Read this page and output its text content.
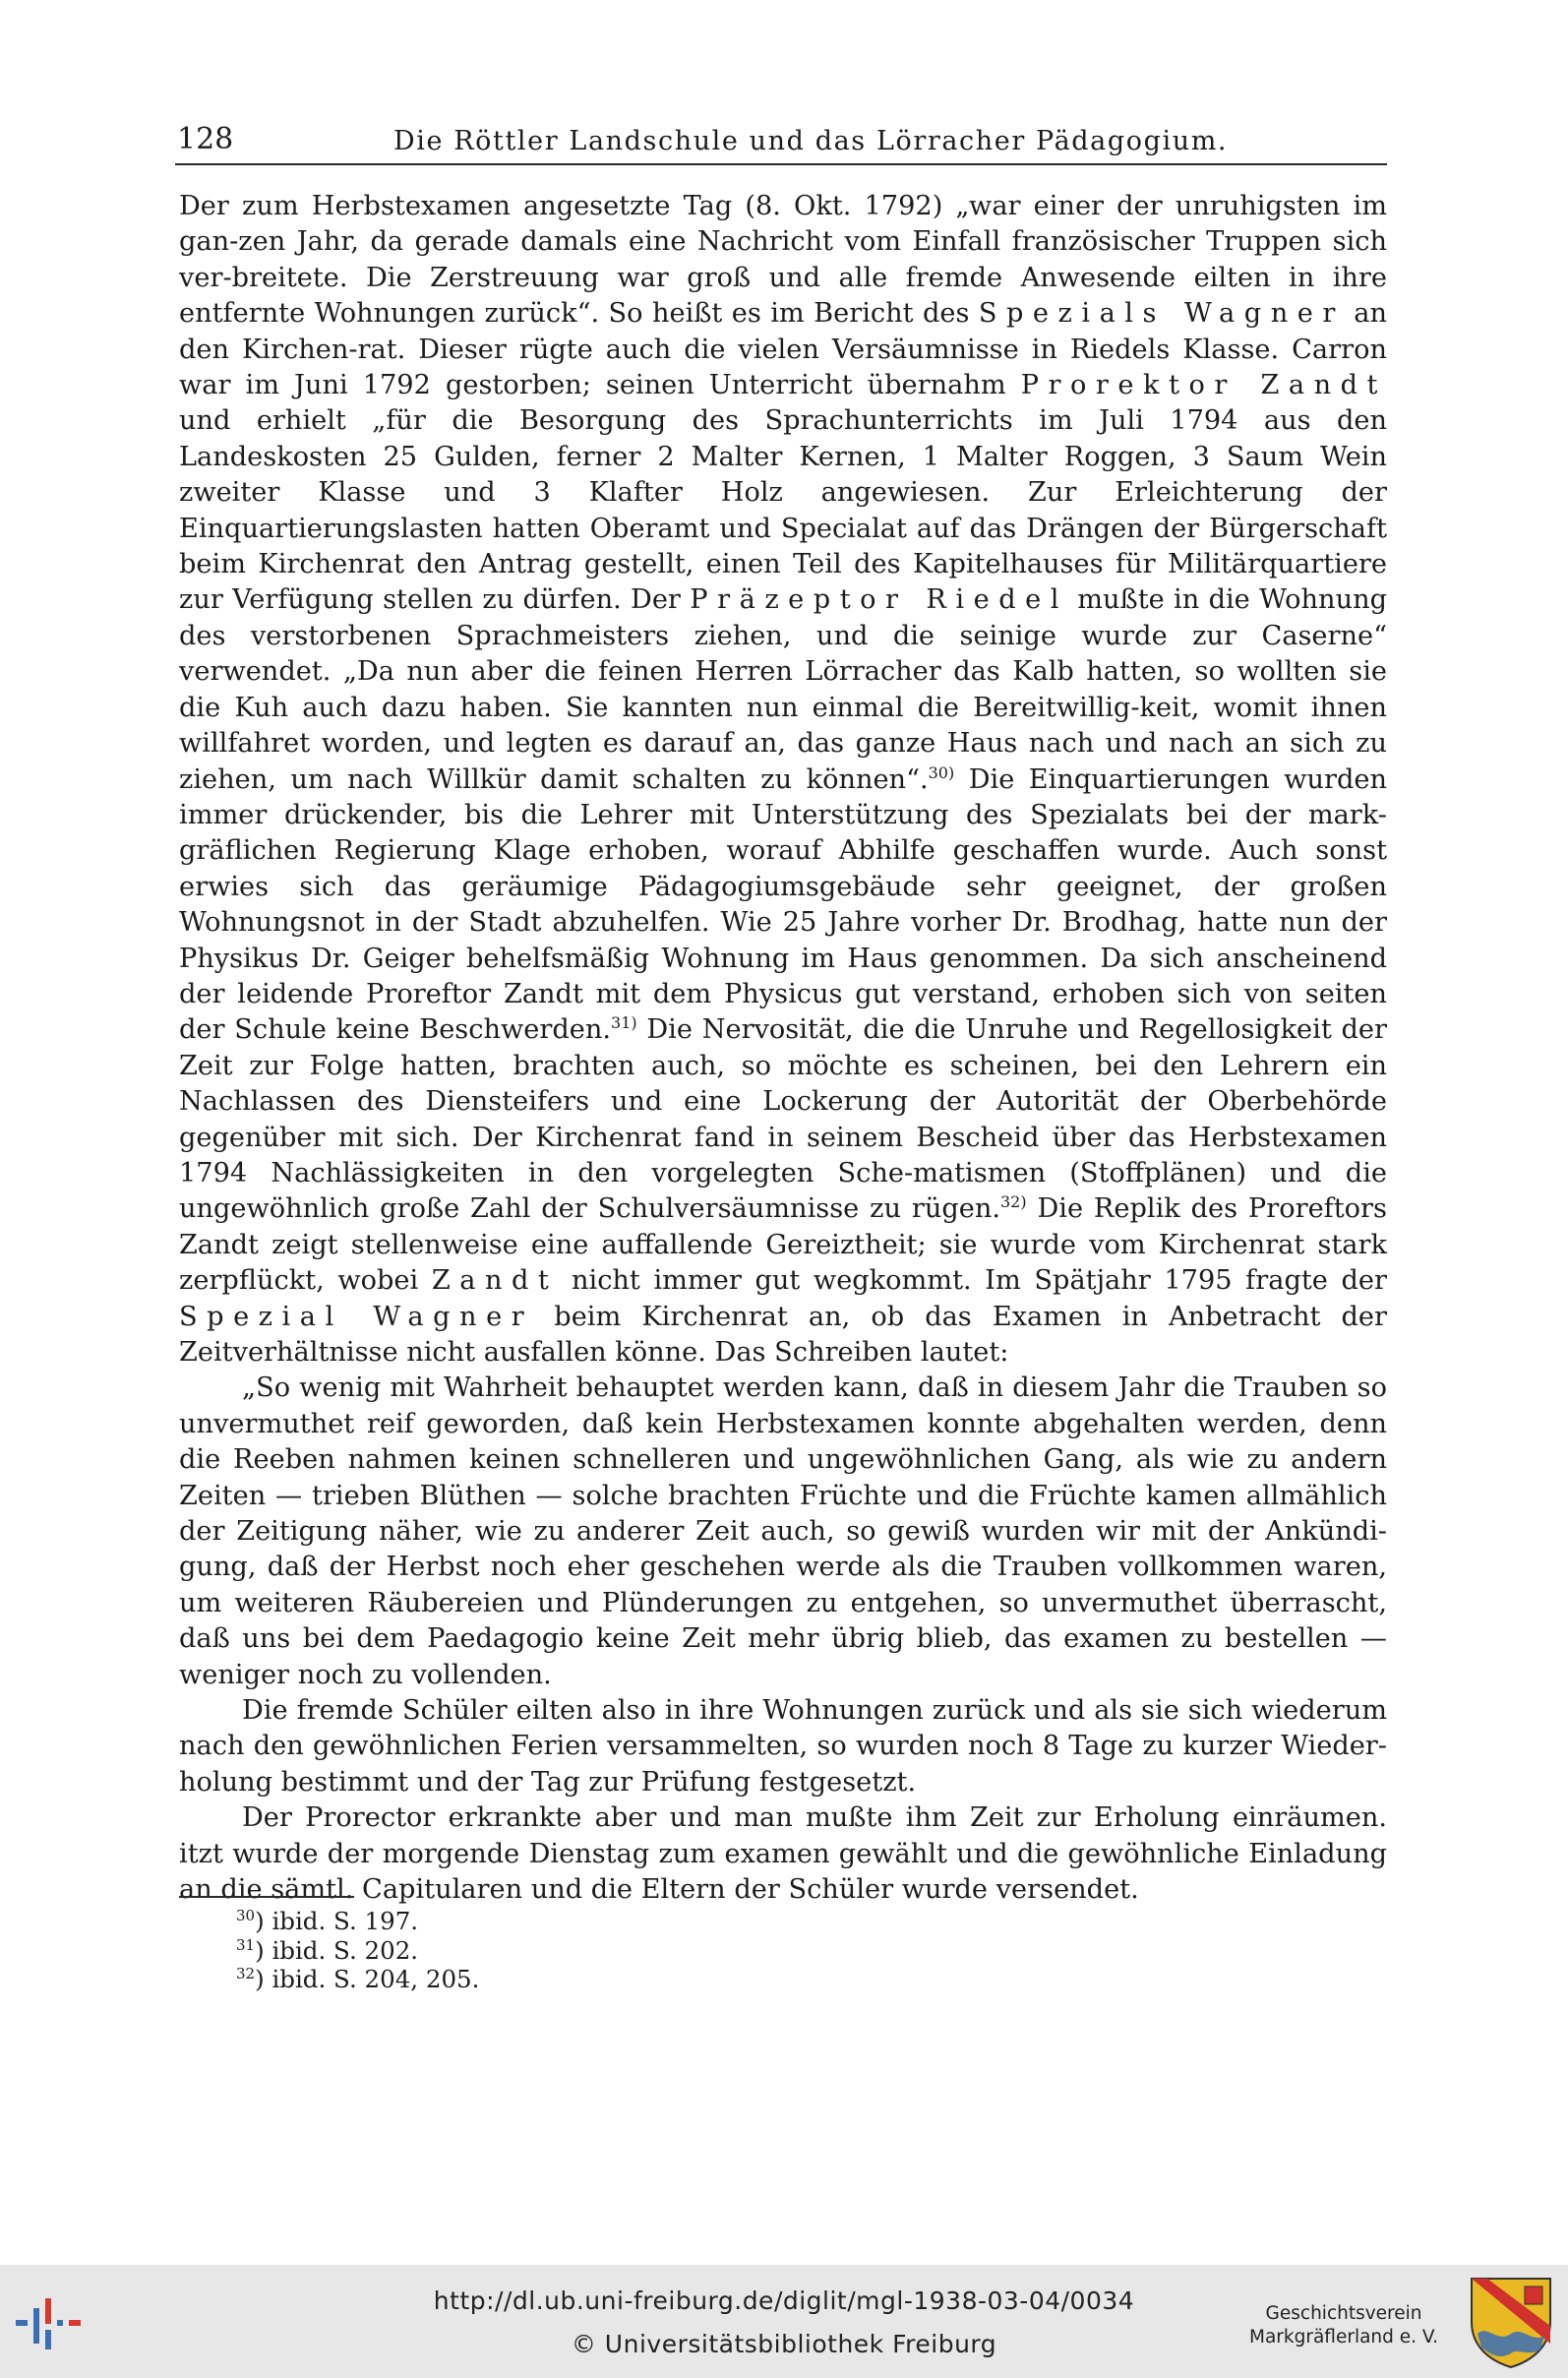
128	Die Röttler Landschule und das Lörracher Pädagogium.

Der zum Herbstexamen angesetzte Tag (8. Okt. 1792) „war einer der unruhigsten im gan-zen Jahr, da gerade damals eine Nachricht vom Einfall französischer Truppen sich ver-breitete. Die Zerstreuung war groß und alle fremde Anwesende eilten in ihre entfernte Wohnungen zurück“. So heißt es im Bericht des Spezials Wagner an den Kirchen-rat. Dieser rügte auch die vielen Versäumnisse in Riedels Klasse. Carron war im Juni 1792 gestorben; seinen Unterricht übernahm Prorektor Zandt und erhielt „für die Besorgung des Sprachunterrichts im Juli 1794 aus den Landeskosten 25 Gulden, ferner 2 Malter Kernen, 1 Malter Roggen, 3 Saum Wein zweiter Klasse und 3 Klafter Holz angewiesen. Zur Erleichterung der Einquartierungslasten hatten Oberamt und Specialat auf das Drängen der Bürgerschaft beim Kirchenrat den Antrag gestellt, einen Teil des Kapitelhauses für Militärquartiere zur Verfügung stellen zu dürfen. Der Präzeptor Riedel mußte in die Wohnung des verstorbenen Sprachmeisters ziehen, und die seinige wurde zur Caserne“ verwendet. „Da nun aber die feinen Herren Lörracher das Kalb hatten, so wollten sie die Kuh auch dazu haben. Sie kannten nun einmal die Bereitwillig-keit, womit ihnen willfahret worden, und legten es darauf an, das ganze Haus nach und nach an sich zu ziehen, um nach Willkür damit schalten zu können“.$^{30)}$ Die Einquartierungen wurden immer drückender, bis die Lehrer mit Unterstützung des Spezialats bei der mark-gräflichen Regierung Klage erhoben, worauf Abhilfe geschaffen wurde. Auch sonst erwies sich das geräumige Pädagogiumsgebäude sehr geeignet, der großen Wohnungsnot in der Stadt abzuhelfen. Wie 25 Jahre vorher Dr. Brodhag, hatte nun der Physikus Dr. Geiger behelfsmäßig Wohnung im Haus genommen. Da sich anscheinend der leidende Proreftor Zandt mit dem Physicus gut verstand, erhoben sich von seiten der Schule keine Beschwerden.$^{31)}$ Die Nervosität, die die Unruhe und Regellosigkeit der Zeit zur Folge hatten, brachten auch, so möchte es scheinen, bei den Lehrern ein Nachlassen des Diensteifers und eine Lockerung der Autorität der Oberbehörde gegenüber mit sich. Der Kirchenrat fand in seinem Bescheid über das Herbstexamen 1794 Nachlässigkeiten in den vorgelegten Sche-matismen (Stoffplänen) und die ungewöhnlich große Zahl der Schulversäumnisse zu rügen.$^{32)}$ Die Replik des Proreftors Zandt zeigt stellenweise eine auffallende Gereiztheit; sie wurde vom Kirchenrat stark zerpflückt, wobei Zandt nicht immer gut wegkommt. Im Spätjahr 1795 fragte der Spezial Wagner beim Kirchenrat an, ob das Examen in Anbetracht der Zeitverhältnisse nicht ausfallen könne. Das Schreiben lautet:

„So wenig mit Wahrheit behauptet werden kann, daß in diesem Jahr die Trauben so unvermuthet reif geworden, daß kein Herbstexamen konnte abgehalten werden, denn die Reeben nahmen keinen schnelleren und ungewöhnlichen Gang, als wie zu andern Zeiten — trieben Blüthen — solche brachten Früchte und die Früchte kamen allmählich der Zeitigung näher, wie zu anderer Zeit auch, so gewiß wurden wir mit der Ankündi-gung, daß der Herbst noch eher geschehen werde als die Trauben vollkommen waren, um weiteren Räubereien und Plünderungen zu entgehen, so unvermuthet überrascht, daß uns bei dem Paedagogio keine Zeit mehr übrig blieb, das examen zu bestellen — weniger noch zu vollenden.

Die fremde Schüler eilten also in ihre Wohnungen zurück und als sie sich wiederum nach den gewöhnlichen Ferien versammelten, so wurden noch 8 Tage zu kurzer Wieder-holung bestimmt und der Tag zur Prüfung festgesetzt.

Der Prorector erkrankte aber und man mußte ihm Zeit zur Erholung einräumen. itzt wurde der morgende Dienstag zum examen gewählt und die gewöhnliche Einladung an die sämtl. Capitularen und die Eltern der Schüler wurde versendet.

$^{30}$) ibid. S. 197.
$^{31}$) ibid. S. 202.
$^{32}$) ibid. S. 204, 205.
http://dl.ub.uni-freiburg.de/diglit/mgl-1938-03-04/0034
© Universitätsbibliothek Freiburg
Geschichtsverein
Markgräflerland e. V.
